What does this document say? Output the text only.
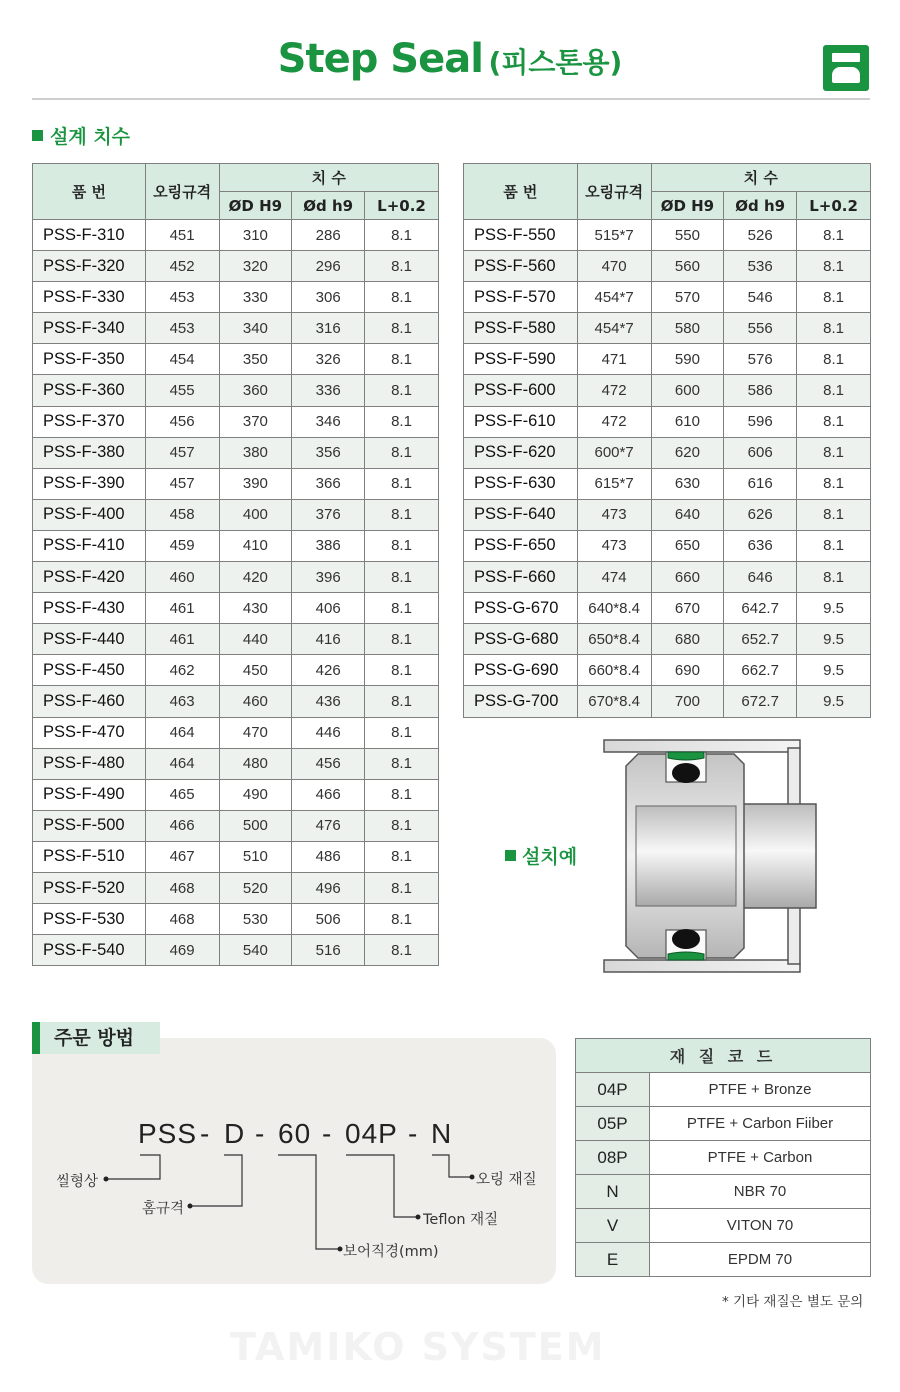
Step Seal (피스톤용)
설계 치수
품 번	오링규격	치 수		
		ØD H9	Ød h9	L+0.2
PSS-F-310	451	310	286	8.1
PSS-F-320	452	320	296	8.1
PSS-F-330	453	330	306	8.1
PSS-F-340	453	340	316	8.1
PSS-F-350	454	350	326	8.1
PSS-F-360	455	360	336	8.1
PSS-F-370	456	370	346	8.1
PSS-F-380	457	380	356	8.1
PSS-F-390	457	390	366	8.1
PSS-F-400	458	400	376	8.1
PSS-F-410	459	410	386	8.1
PSS-F-420	460	420	396	8.1
PSS-F-430	461	430	406	8.1
PSS-F-440	461	440	416	8.1
PSS-F-450	462	450	426	8.1
PSS-F-460	463	460	436	8.1
PSS-F-470	464	470	446	8.1
PSS-F-480	464	480	456	8.1
PSS-F-490	465	490	466	8.1
PSS-F-500	466	500	476	8.1
PSS-F-510	467	510	486	8.1
PSS-F-520	468	520	496	8.1
PSS-F-530	468	530	506	8.1
PSS-F-540	469	540	516	8.1
품 번	오링규격	치 수		
		ØD H9	Ød h9	L+0.2
PSS-F-550	515*7	550	526	8.1
PSS-F-560	470	560	536	8.1
PSS-F-570	454*7	570	546	8.1
PSS-F-580	454*7	580	556	8.1
PSS-F-590	471	590	576	8.1
PSS-F-600	472	600	586	8.1
PSS-F-610	472	610	596	8.1
PSS-F-620	600*7	620	606	8.1
PSS-F-630	615*7	630	616	8.1
PSS-F-640	473	640	626	8.1
PSS-F-650	473	650	636	8.1
PSS-F-660	474	660	646	8.1
PSS-G-670	640*8.4	670	642.7	9.5
PSS-G-680	650*8.4	680	652.7	9.5
PSS-G-690	660*8.4	690	662.7	9.5
PSS-G-700	670*8.4	700	672.7	9.5
설치예
주문 방법
PSS - D - 60 - 04P - N
씰형상
홈규격
보어직경(mm)
Teflon 재질
오링 재질
재 질 코 드	
04P	PTFE + Bronze
05P	PTFE + Carbon Fiiber
08P	PTFE + Carbon
N	NBR 70
V	VITON 70
E	EPDM 70
* 기타 재질은 별도 문의
TAMIKO SYSTEM
